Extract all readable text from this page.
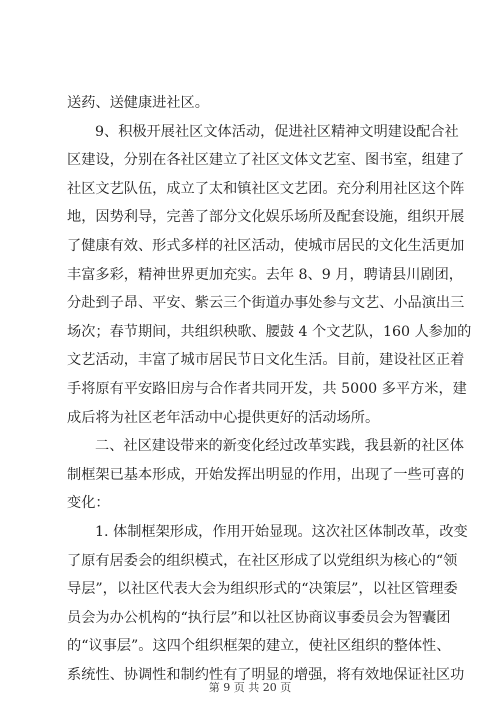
送药、送健康进社区。
9、积极开展社区文体活动，促进社区精神文明建设配合社
区建设，分别在各社区建立了社区文体文艺室、图书室，组建了
社区文艺队伍，成立了太和镇社区文艺团。充分利用社区这个阵
地，因势利导，完善了部分文化娱乐场所及配套设施，组织开展
了健康有效、形式多样的社区活动，使城市居民的文化生活更加
丰富多彩，精神世界更加充实。去年 8、9 月，聘请县川剧团，
分赴到子昂、平安、紫云三个街道办事处参与文艺、小品演出三
场次；春节期间，共组织秧歌、腰鼓 4 个文艺队，160 人参加的
文艺活动，丰富了城市居民节日文化生活。目前，建设社区正着
手将原有平安路旧房与合作者共同开发，共 5000 多平方米，建
成后将为社区老年活动中心提供更好的活动场所。
二、社区建设带来的新变化经过改革实践，我县新的社区体
制框架已基本形成，开始发挥出明显的作用，出现了一些可喜的
变化：
1. 体制框架形成，作用开始显现。这次社区体制改革，改变
了原有居委会的组织模式，在社区形成了以党组织为核心的“领
导层”，以社区代表大会为组织形式的“决策层”，以社区管理委
员会为办公机构的“执行层”和以社区协商议事委员会为智囊团
的“议事层”。这四个组织框架的建立，使社区组织的整体性、
系统性、协调性和制约性有了明显的增强，将有效地保证社区功
第 9 页 共 20 页
